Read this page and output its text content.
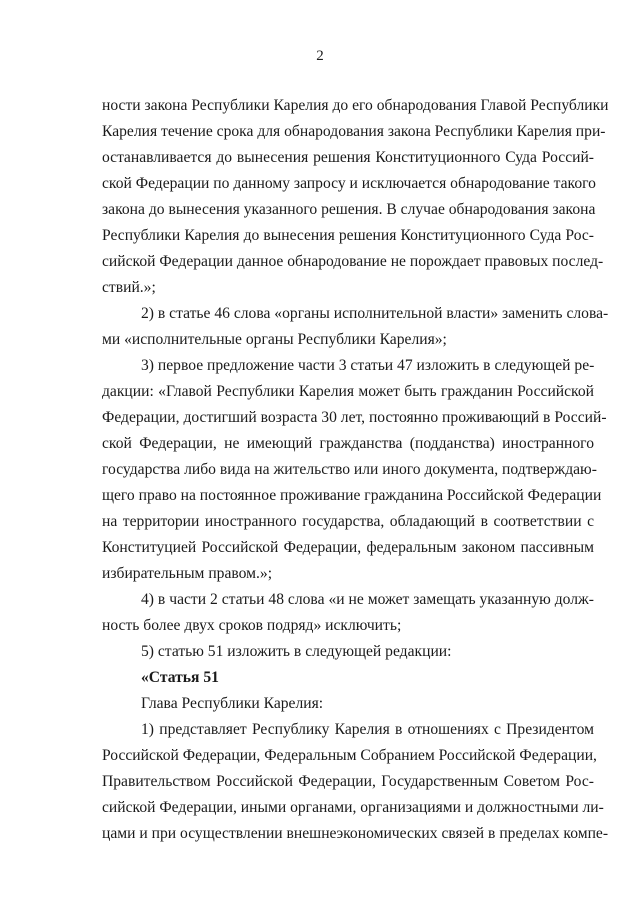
2
ности закона Республики Карелия до его обнародования Главой Республики
Карелия течение срока для обнародования закона Республики Карелия при-
остaнавливается до вынесения решения Конституционного Суда Россий-
ской Федерации по данному запросу и исключается обнародование такого
закона до вынесения указанного решения. В случае обнародования закона
Республики Карелия до вынесения решения Конституционного Суда Рос-
сийской Федерации данное обнародование не порождает правовых послед-
ствий.»;
2) в статье 46 слова «органы исполнительной власти» заменить слова-
ми «исполнительные органы Республики Карелия»;
3) первое предложение части 3 статьи 47 изложить в следующей ре-
дакции: «Главой Республики Карелия может быть гражданин Российской
Федерации, достигший возраста 30 лет, постоянно проживающий в Россий-
ской Федерации, не имеющий гражданства (подданства) иностранного
государства либо вида на жительство или иного документа, подтверждаю-
щего право на постоянное проживание гражданина Российской Федерации
на территории иностранного государства, обладающий в соответствии с
Конституцией Российской Федерации, федеральным законом пассивным
избирательным правом.»;
4) в части 2 статьи 48 слова «и не может замещать указанную долж-
ность более двух сроков подряд» исключить;
5) статью 51 изложить в следующей редакции:
«Статья 51
Глава Республики Карелия:
1) представляет Республику Карелия в отношениях с Президентом
Российской Федерации, Федеральным Собранием Российской Федерации,
Правительством Российской Федерации, Государственным Советом Рос-
сийской Федерации, иными органами, организациями и должностными ли-
цами и при осуществлении внешнеэкономических связей в пределах компе-
